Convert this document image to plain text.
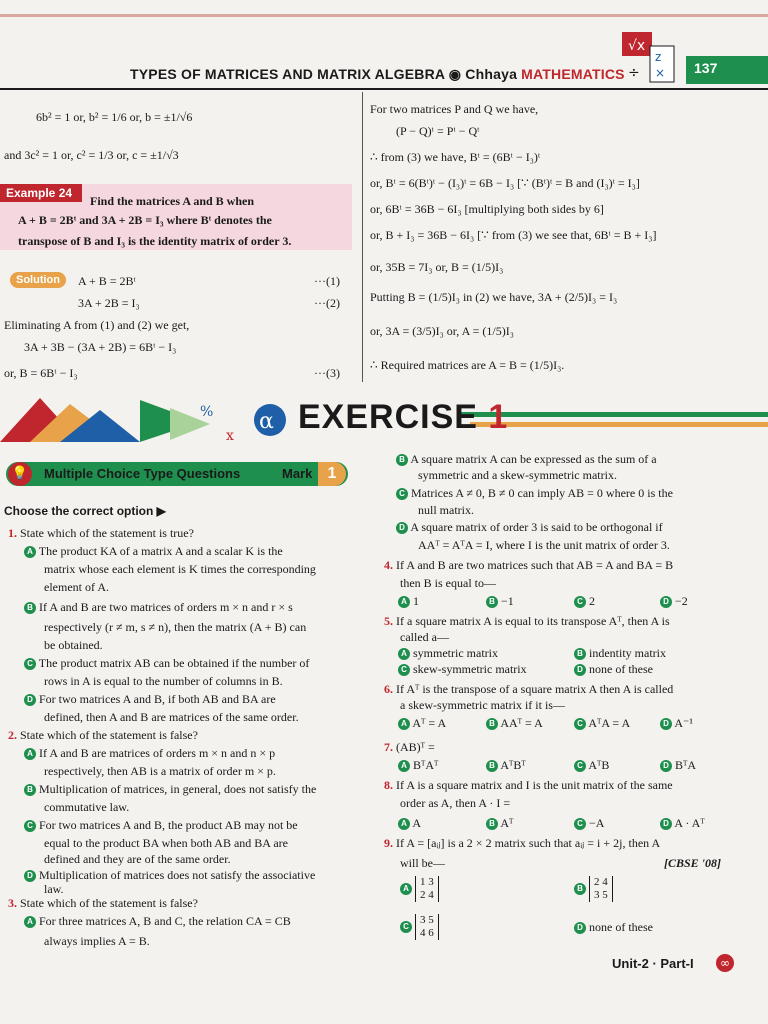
TYPES OF MATRICES AND MATRIX ALGEBRA ◉ Chhaya MATHEMATICS
√x
z
×
÷	137
6b² = 1 or, b² = 1/6 or, b = ±1/√6
and 3c² = 1 or, c² = 1/3 or, c = ±1/√3
Example 24
Find the matrices A and B when
A + B = 2Bᵗ and 3A + 2B = I₃ where Bᵗ denotes the
transpose of B and I₃ is the identity matrix of order 3.
Solution	A + B = 2Bᵗ	···(1)
3A + 2B = I₃	···(2)
Eliminating A from (1) and (2) we get,
3A + 3B − (3A + 2B) = 6Bᵗ − I₃
or, B = 6Bᵗ − I₃	···(3)
For two matrices P and Q we have,
(P − Q)ᵗ = Pᵗ − Qᵗ
∴ from (3) we have, Bᵗ = (6Bᵗ − I₃)ᵗ
or, Bᵗ = 6(Bᵗ)ᵗ − (I₃)ᵗ = 6B − I₃ [∵ (Bᵗ)ᵗ = B and (I₃)ᵗ = I₃]
or, 6Bᵗ = 36B − 6I₃ [multiplying both sides by 6]
or, B + I₃ = 36B − 6I₃ [∵ from (3) we see that, 6Bᵗ = B + I₃]
or, 35B = 7I₃ or, B = (1/5)I₃
Putting B = (1/5)I₃ in (2) we have, 3A + (2/5)I₃ = I₃
or, 3A = (3/5)I₃ or, A = (1/5)I₃
∴ Required matrices are A = B = (1/5)I₃.
α
%
x EXERCISE 1
💡	Multiple Choice Type Questions	Mark 1
Choose the correct option ▶
1. State which of the statement is true?
A The product KA of a matrix A and a scalar K is the
matrix whose each element is K times the corresponding
element of A.
B If A and B are two matrices of orders m × n and r × s
respectively (r ≠ m, s ≠ n), then the matrix (A + B) can
be obtained.
C The product matrix AB can be obtained if the number of
rows in A is equal to the number of columns in B.
D For two matrices A and B, if both AB and BA are
defined, then A and B are matrices of the same order.
2. State which of the statement is false?
A If A and B are matrices of orders m × n and n × p
respectively, then AB is a matrix of order m × p.
B Multiplication of matrices, in general, does not satisfy the
commutative law.
C For two matrices A and B, the product AB may not be
equal to the product BA when both AB and BA are
defined and they are of the same order.
D Multiplication of matrices does not satisfy the associative
law.
3. State which of the statement is false?
A For three matrices A, B and C, the relation CA = CB
always implies A = B.
B A square matrix A can be expressed as the sum of a
symmetric and a skew-symmetric matrix.
C Matrices A ≠ 0, B ≠ 0 can imply AB = 0 where 0 is the
null matrix.
D A square matrix of order 3 is said to be orthogonal if
AAᵀ = AᵀA = I, where I is the unit matrix of order 3.
4. If A and B are two matrices such that AB = A and BA = B
then B is equal to—
A 1	B −1	C 2	D −2
5. If a square matrix A is equal to its transpose Aᵀ, then A is
called a—
A symmetric matrix	B indentity matrix
C skew-symmetric matrix	D none of these
6. If Aᵀ is the transpose of a square matrix A then A is called
a skew-symmetric matrix if it is—
A Aᵀ = A	B AAᵀ = A	C AᵀA = A	D A⁻¹
7. (AB)ᵀ =
A BᵀAᵀ	B AᵀBᵀ	C AᵀB	D BᵀA
8. If A is a square matrix and I is the unit matrix of the same
order as A, then A · I =
A A	B Aᵀ	C −A	D A · Aᵀ
9. If A = [aᵢⱼ] is a 2 × 2 matrix such that aᵢⱼ = i + 2j, then A
will be—	[CBSE '08]
A 1 3
2 4
B 2 4
3 5
C 3 5
4 6	D none of these
Unit-2 · Part-I	∞
